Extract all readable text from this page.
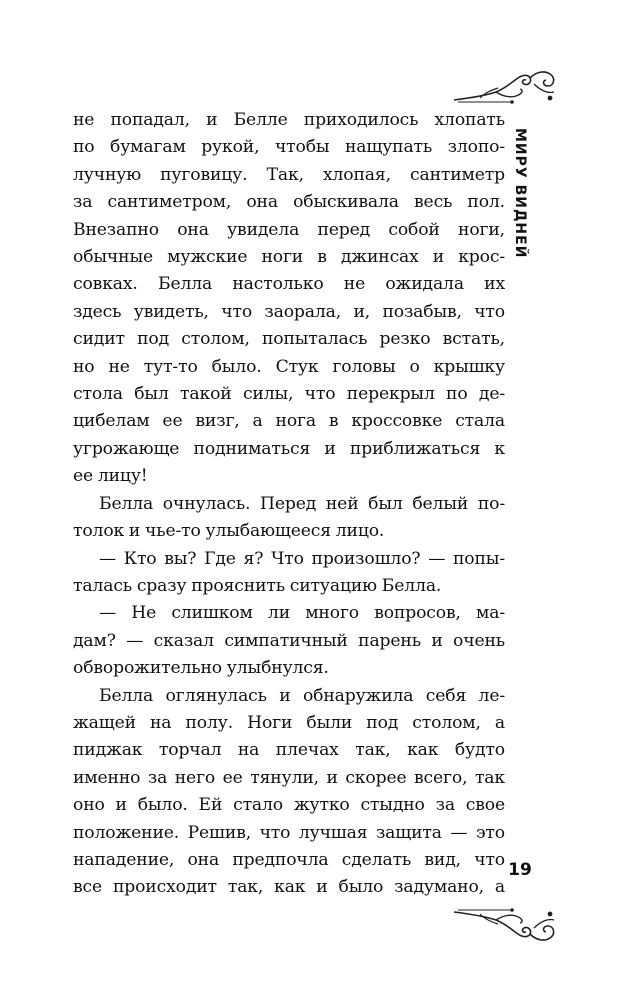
МИРУ ВИДНЕЙ

не попадал, и Белле приходилось хлопать

по бумагам рукой, чтобы нащупать злопо-

лучную пуговицу. Так, хлопая, сантиметр

за сантиметром, она обыскивала весь пол.

Внезапно она увидела перед собой ноги,

обычные мужские ноги в джинсах и крос-

совках. Белла настолько не ожидала их

здесь увидеть, что заорала, и, позабыв, что

сидит под столом, попыталась резко встать,

но не тут-то было. Стук головы о крышку

стола был такой силы, что перекрыл по де-

цибелам ее визг, а нога в кроссовке стала

угрожающе подниматься и приближаться к

ее лицу!

Белла очнулась. Перед ней был белый по-

толок и чье-то улыбающееся лицо.

— Кто вы? Где я? Что произошло? — попы-

талась сразу прояснить ситуацию Белла.

— Не слишком ли много вопросов, ма-

дам? — сказал симпатичный парень и очень

обворожительно улыбнулся.

Белла оглянулась и обнаружила себя ле-

жащей на полу. Ноги были под столом, а

пиджак торчал на плечах так, как будто

именно за него ее тянули, и скорее всего, так

оно и было. Ей стало жутко стыдно за свое

положение. Решив, что лучшая защита — это

нападение, она предпочла сделать вид, что

все происходит так, как и было задумано, а

19
